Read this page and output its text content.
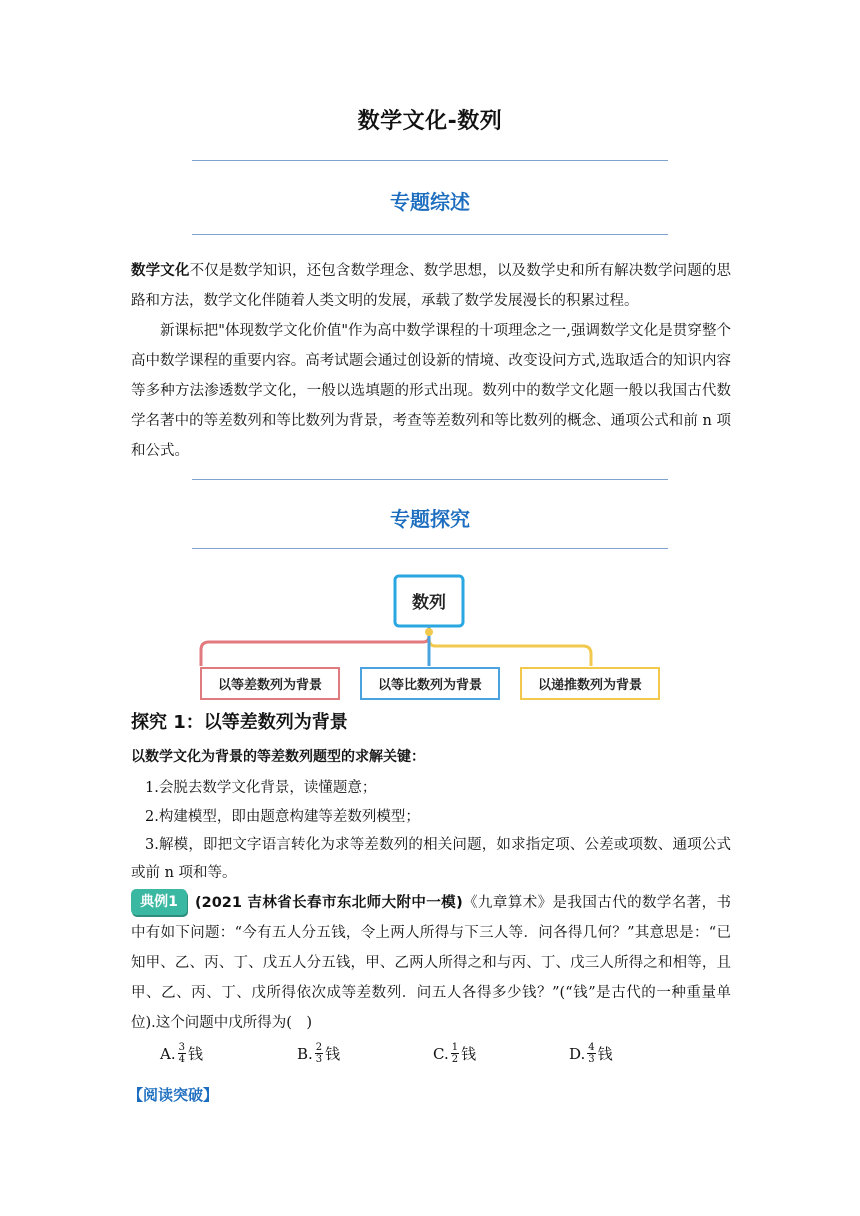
数学文化-数列
专题综述
数学文化不仅是数学知识，还包含数学理念、数学思想，以及数学史和所有解决数学问题的思路和方法，数学文化伴随着人类文明的发展，承载了数学发展漫长的积累过程。
新课标把"体现数学文化价值"作为高中数学课程的十项理念之一,强调数学文化是贯穿整个高中数学课程的重要内容。高考试题会通过创设新的情境、改变设问方式,选取适合的知识内容等多种方法渗透数学文化，一般以选填题的形式出现。数列中的数学文化题一般以我国古代数学名著中的等差数列和等比数列为背景，考查等差数列和等比数列的概念、通项公式和前 n 项和公式。
专题探究
数列
以等差数列为背景	以等比数列为背景	以递推数列为背景
探究 1：以等差数列为背景
以数学文化为背景的等差数列题型的求解关键：
1.会脱去数学文化背景，读懂题意；
2.构建模型，即由题意构建等差数列模型；
3.解模，即把文字语言转化为求等差数列的相关问题，如求指定项、公差或项数、通项公式或前 n 项和等。
典例1	(2021 吉林省长春市东北师大附中一模)《九章算术》是我国古代的数学名著，书中有如下问题：“今有五人分五钱，令上两人所得与下三人等．问各得几何？”其意思是：“已知甲、乙、丙、丁、戊五人分五钱，甲、乙两人所得之和与丙、丁、戊三人所得之和相等，且甲、乙、丙、丁、戊所得依次成等差数列．问五人各得多少钱？”(“钱”是古代的一种重量单位).这个问题中戊所得为(　)
A. $\frac{3}{4}$ 钱	B. $\frac{2}{3}$ 钱	C. $\frac{1}{2}$ 钱	D. $\frac{4}{3}$ 钱
【阅读突破】
